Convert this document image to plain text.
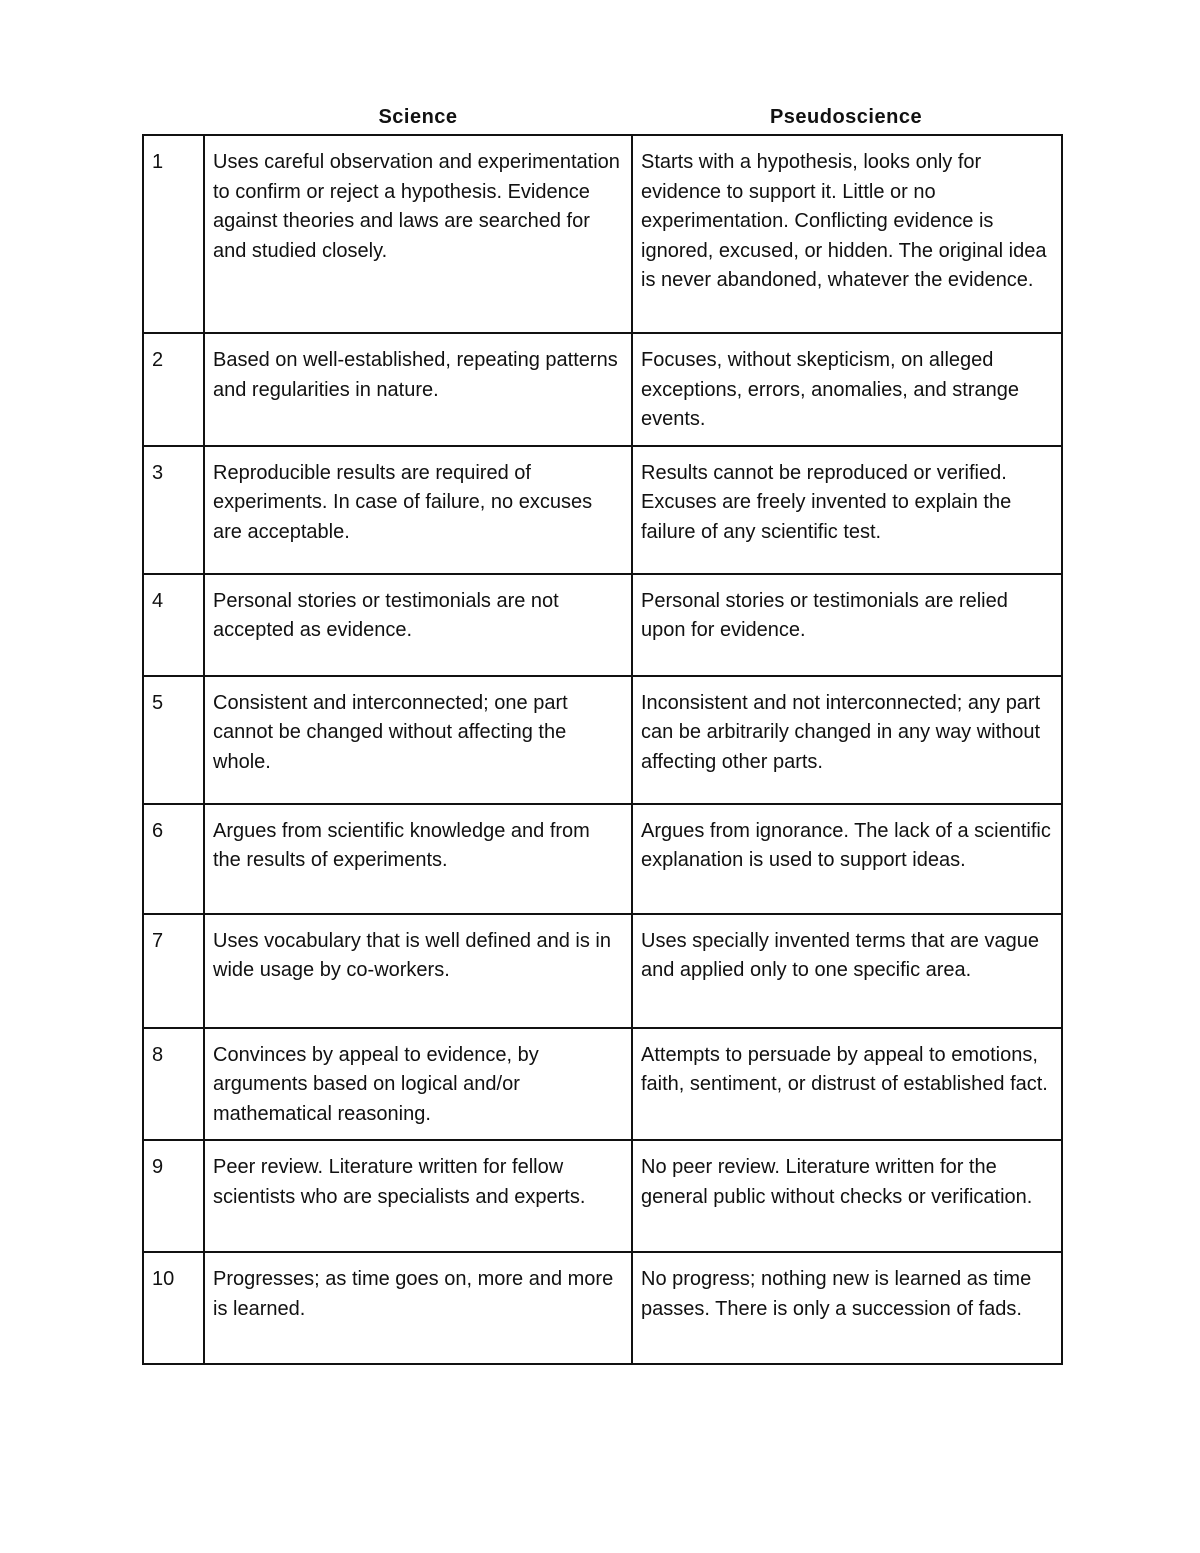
Science	Pseudoscience
1	Uses careful observation and experimentation to confirm or reject a hypothesis. Evidence against theories and laws are searched for and studied closely.	Starts with a hypothesis, looks only for evidence to support it. Little or no experimentation. Conflicting evidence is ignored, excused, or hidden. The original idea is never abandoned, whatever the evidence.
2	Based on well-established, repeating patterns and regularities in nature.	Focuses, without skepticism, on alleged exceptions, errors, anomalies, and strange events.
3	Reproducible results are required of experiments. In case of failure, no excuses are acceptable.	Results cannot be reproduced or verified. Excuses are freely invented to explain the failure of any scientific test.
4	Personal stories or testimonials are not accepted as evidence.	Personal stories or testimonials are relied upon for evidence.
5	Consistent and interconnected; one part cannot be changed without affecting the whole.	Inconsistent and not interconnected; any part can be arbitrarily changed in any way without affecting other parts.
6	Argues from scientific knowledge and from the results of experiments.	Argues from ignorance. The lack of a scientific explanation is used to support ideas.
7	Uses vocabulary that is well defined and is in wide usage by co-workers.	Uses specially invented terms that are vague and applied only to one specific area.
8	Convinces by appeal to evidence, by arguments based on logical and/or mathematical reasoning.	Attempts to persuade by appeal to emotions, faith, sentiment, or distrust of established fact.
9	Peer review. Literature written for fellow scientists who are specialists and experts.	No peer review. Literature written for the general public without checks or verification.
10	Progresses; as time goes on, more and more is learned.	No progress; nothing new is learned as time passes. There is only a succession of fads.
